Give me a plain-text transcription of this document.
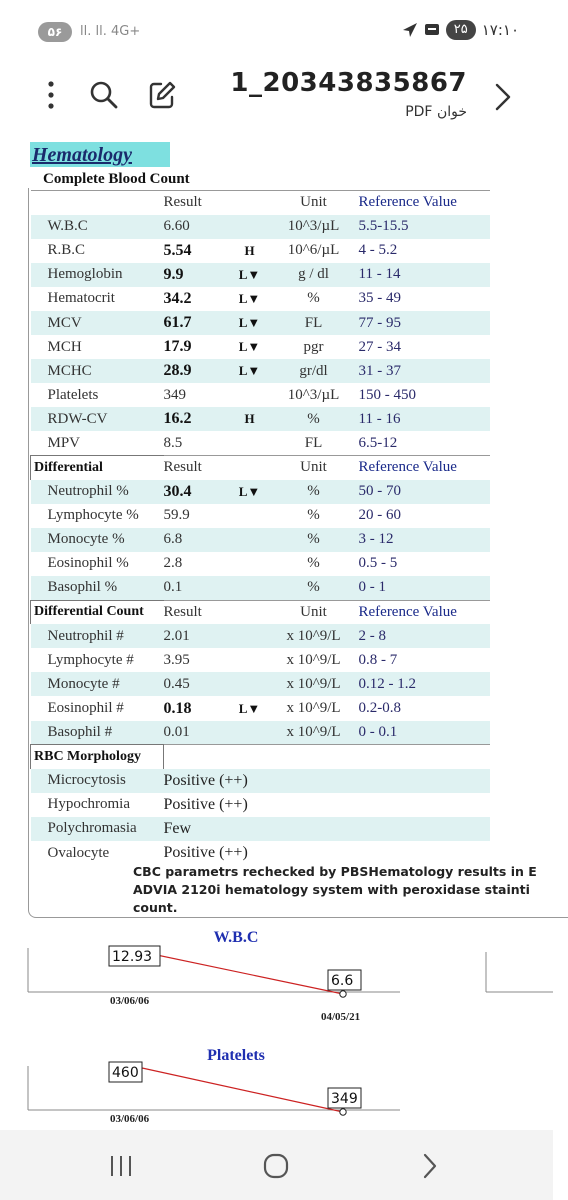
۵۶	ll. ll. 4G+	۲۵ ۱۷:۱۰
1_20343835867
PDF خوان
Hematology
Complete Blood Count
	Result		Unit	Reference Value
W.B.C	6.60		10^3/µL	5.5-15.5
R.B.C	5.54	H	10^6/µL	4 - 5.2
Hemoglobin	9.9	L▼	g / dl	11 - 14
Hematocrit	34.2	L▼	%	35 - 49
MCV	61.7	L▼	FL	77 - 95
MCH	17.9	L▼	pgr	27 - 34
MCHC	28.9	L▼	gr/dl	31 - 37
Platelets	349		10^3/µL	150 - 450
RDW-CV	16.2	H	%	11 - 16
MPV	8.5		FL	6.5-12
Differential	Result		Unit	Reference Value
Neutrophil %	30.4	L▼	%	50 - 70
Lymphocyte %	59.9		%	20 - 60
Monocyte %	6.8		%	3 - 12
Eosinophil %	2.8		%	0.5 - 5
Basophil %	0.1		%	0 - 1
Differential Count	Result		Unit	Reference Value
Neutrophil #	2.01		x 10^9/L	2 - 8
Lymphocyte #	3.95		x 10^9/L	0.8 - 7
Monocyte #	0.45		x 10^9/L	0.12 - 1.2
Eosinophil #	0.18	L▼	x 10^9/L	0.2-0.8
Basophil #	0.01		x 10^9/L	0 - 0.1
RBC Morphology				
Microcytosis	Positive (++)			
Hypochromia	Positive (++)			
Polychromasia	Few			
Ovalocyte	Positive (++)			
CBC parametrs rechecked by PBSHematology results in E
ADVIA 2120i hematology system with peroxidase stainti
count.
W.B.C
12.93
03/06/06
6.6
04/05/21
Platelets
460
03/06/06
349
